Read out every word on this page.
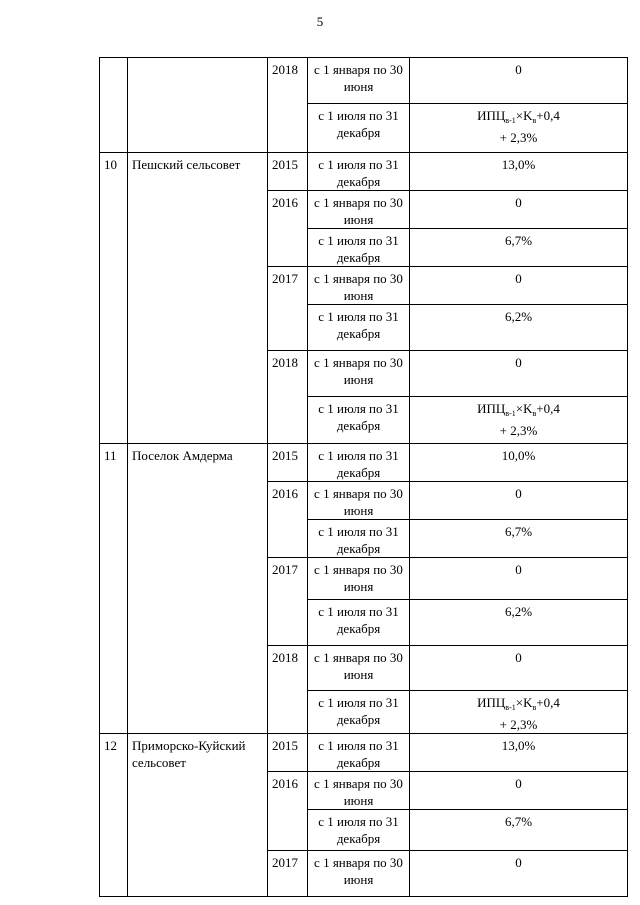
5
		2018	с 1 января по 30 июня	0
			с 1 июля по 31 декабря	$ИПЦ_{в-1}\times K_в+0,4$
+ 2,3%

10	Пешский сельсовет	2015	с 1 июля по 31 декабря	13,0%
		2016	с 1 января по 30 июня	0
			с 1 июля по 31 декабря	6,7%
		2017	с 1 января по 30 июня	0
			с 1 июля по 31 декабря	6,2%
		2018	с 1 января по 30 июня	0
			с 1 июля по 31 декабря	$ИПЦ_{в-1}\times K_в+0,4$
+ 2,3%

11	Поселок Амдерма	2015	с 1 июля по 31 декабря	10,0%
		2016	с 1 января по 30 июня	0
			с 1 июля по 31 декабря	6,7%
		2017	с 1 января по 30 июня	0
			с 1 июля по 31 декабря	6,2%
		2018	с 1 января по 30 июня	0
			с 1 июля по 31 декабря	$ИПЦ_{в-1}\times K_в+0,4$
+ 2,3%

12	Приморско-Куйский сельсовет	2015	с 1 июля по 31 декабря	13,0%
		2016	с 1 января по 30 июня	0
			с 1 июля по 31 декабря	6,7%
		2017	с 1 января по 30 июня	0
